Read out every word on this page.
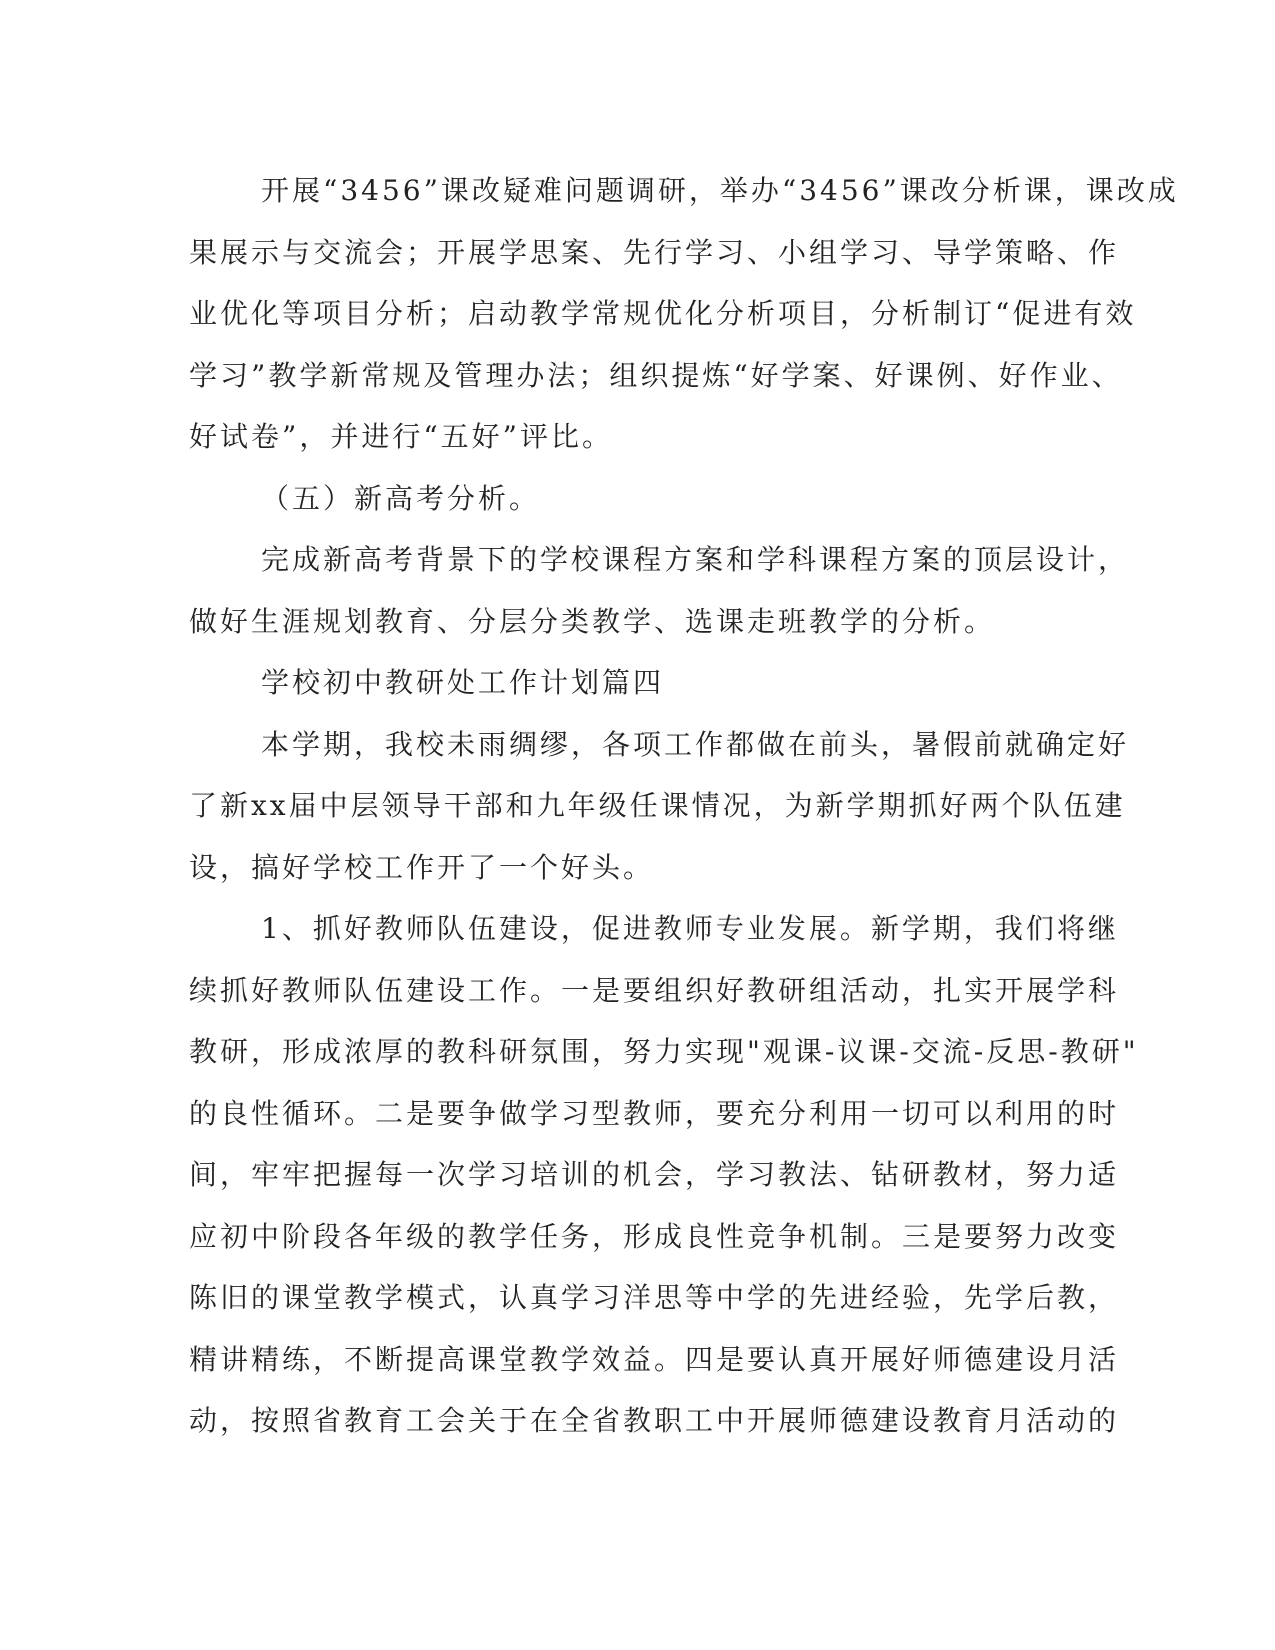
开展“3456”课改疑难问题调研，举办“3456”课改分析课，课改成
果展示与交流会；开展学思案、先行学习、小组学习、导学策略、作
业优化等项目分析；启动教学常规优化分析项目，分析制订“促进有效
学习”教学新常规及管理办法；组织提炼“好学案、好课例、好作业、
好试卷”，并进行“五好”评比。
（五）新高考分析。
完成新高考背景下的学校课程方案和学科课程方案的顶层设计，
做好生涯规划教育、分层分类教学、选课走班教学的分析。
学校初中教研处工作计划篇四
本学期，我校未雨绸缪，各项工作都做在前头，暑假前就确定好
了新xx届中层领导干部和九年级任课情况，为新学期抓好两个队伍建
设，搞好学校工作开了一个好头。
1、抓好教师队伍建设，促进教师专业发展。新学期，我们将继
续抓好教师队伍建设工作。一是要组织好教研组活动，扎实开展学科
教研，形成浓厚的教科研氛围，努力实现"观课-议课-交流-反思-教研"
的良性循环。二是要争做学习型教师，要充分利用一切可以利用的时
间，牢牢把握每一次学习培训的机会，学习教法、钻研教材，努力适
应初中阶段各年级的教学任务，形成良性竞争机制。三是要努力改变
陈旧的课堂教学模式，认真学习洋思等中学的先进经验，先学后教，
精讲精练，不断提高课堂教学效益。四是要认真开展好师德建设月活
动，按照省教育工会关于在全省教职工中开展师德建设教育月活动的
